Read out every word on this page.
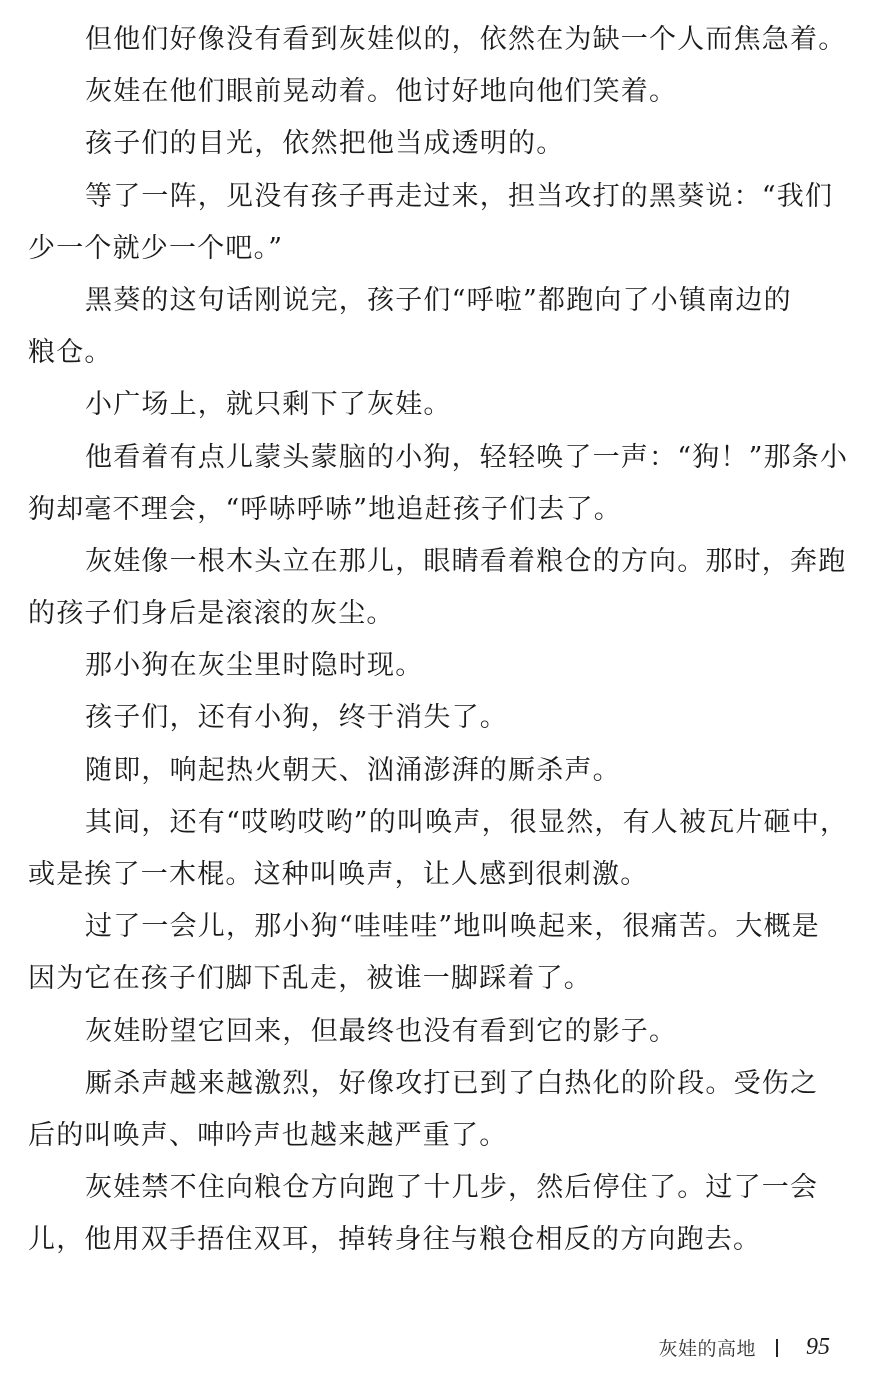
但他们好像没有看到灰娃似的，依然在为缺一个人而焦急着。
灰娃在他们眼前晃动着。他讨好地向他们笑着。
孩子们的目光，依然把他当成透明的。
等了一阵，见没有孩子再走过来，担当攻打的黑葵说：“我们
少一个就少一个吧。”
黑葵的这句话刚说完，孩子们“呼啦”都跑向了小镇南边的
粮仓。
小广场上，就只剩下了灰娃。
他看着有点儿蒙头蒙脑的小狗，轻轻唤了一声：“狗！”那条小
狗却毫不理会，“呼哧呼哧”地追赶孩子们去了。
灰娃像一根木头立在那儿，眼睛看着粮仓的方向。那时，奔跑
的孩子们身后是滚滚的灰尘。
那小狗在灰尘里时隐时现。
孩子们，还有小狗，终于消失了。
随即，响起热火朝天、汹涌澎湃的厮杀声。
其间，还有“哎哟哎哟”的叫唤声，很显然，有人被瓦片砸中，
或是挨了一木棍。这种叫唤声，让人感到很刺激。
过了一会儿，那小狗“哇哇哇”地叫唤起来，很痛苦。大概是
因为它在孩子们脚下乱走，被谁一脚踩着了。
灰娃盼望它回来，但最终也没有看到它的影子。
厮杀声越来越激烈，好像攻打已到了白热化的阶段。受伤之
后的叫唤声、呻吟声也越来越严重了。
灰娃禁不住向粮仓方向跑了十几步，然后停住了。过了一会
儿，他用双手捂住双耳，掉转身往与粮仓相反的方向跑去。
灰娃的高地 95
